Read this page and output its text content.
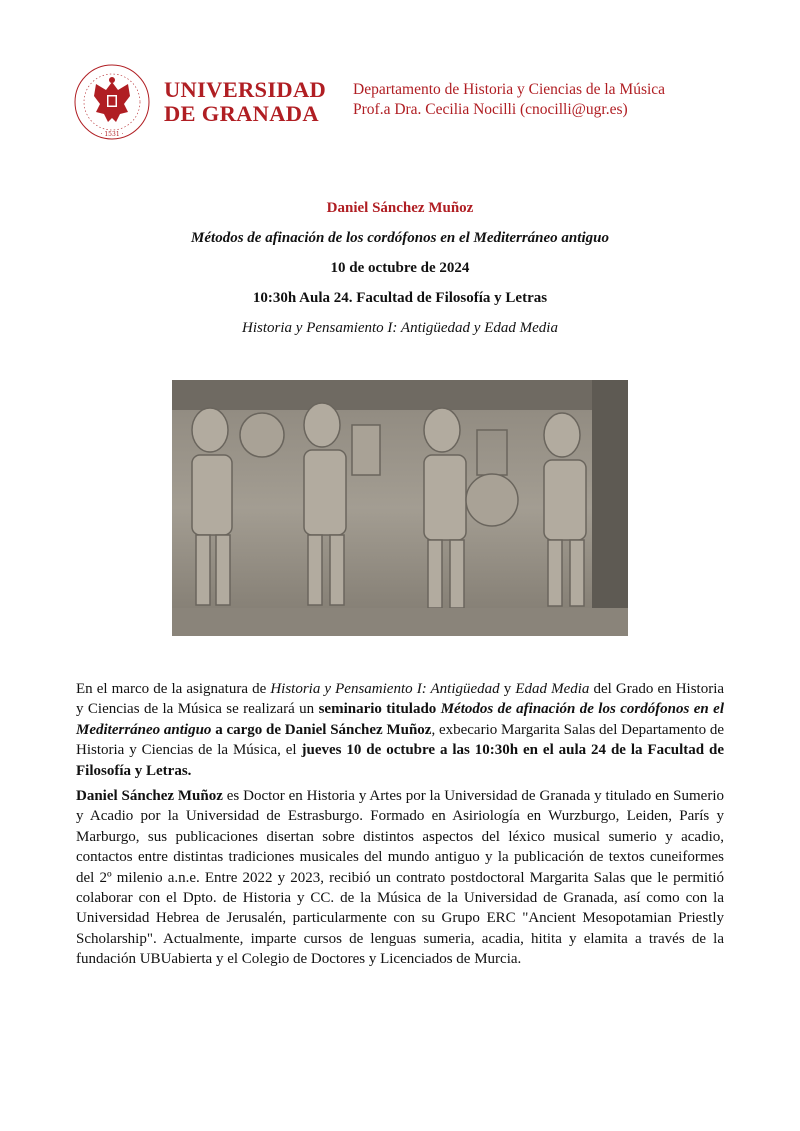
· 1531 ·
UNIVERSIDAD
DE GRANADA
Departamento de Historia y Ciencias de la Música
Prof.a Dra. Cecilia Nocilli (cnocilli@ugr.es)
Daniel Sánchez Muñoz
Métodos de afinación de los cordófonos en el Mediterráneo antiguo
10 de octubre de 2024
10:30h Aula 24. Facultad de Filosofía y Letras
Historia y Pensamiento I: Antigüedad y Edad Media
En el marco de la asignatura de Historia y Pensamiento I: Antigüedad y Edad Media del Grado en Historia y Ciencias de la Música se realizará un seminario titulado Métodos de afinación de los cordófonos en el Mediterráneo antiguo a cargo de Daniel Sánchez Muñoz, exbecario Margarita Salas del Departamento de Historia y Ciencias de la Música, el jueves 10 de octubre a las 10:30h en el aula 24 de la Facultad de Filosofía y Letras.
Daniel Sánchez Muñoz es Doctor en Historia y Artes por la Universidad de Granada y titulado en Sumerio y Acadio por la Universidad de Estrasburgo. Formado en Asiriología en Wurzburgo, Leiden, París y Marburgo, sus publicaciones disertan sobre distintos aspectos del léxico musical sumerio y acadio, contactos entre distintas tradiciones musicales del mundo antiguo y la publicación de textos cuneiformes del 2º milenio a.n.e. Entre 2022 y 2023, recibió un contrato postdoctoral Margarita Salas que le permitió colaborar con el Dpto. de Historia y CC. de la Música de la Universidad de Granada, así como con la Universidad Hebrea de Jerusalén, particularmente con su Grupo ERC "Ancient Mesopotamian Priestly Scholarship". Actualmente, imparte cursos de lenguas sumeria, acadia, hitita y elamita a través de la fundación UBUabierta y el Colegio de Doctores y Licenciados de Murcia.
